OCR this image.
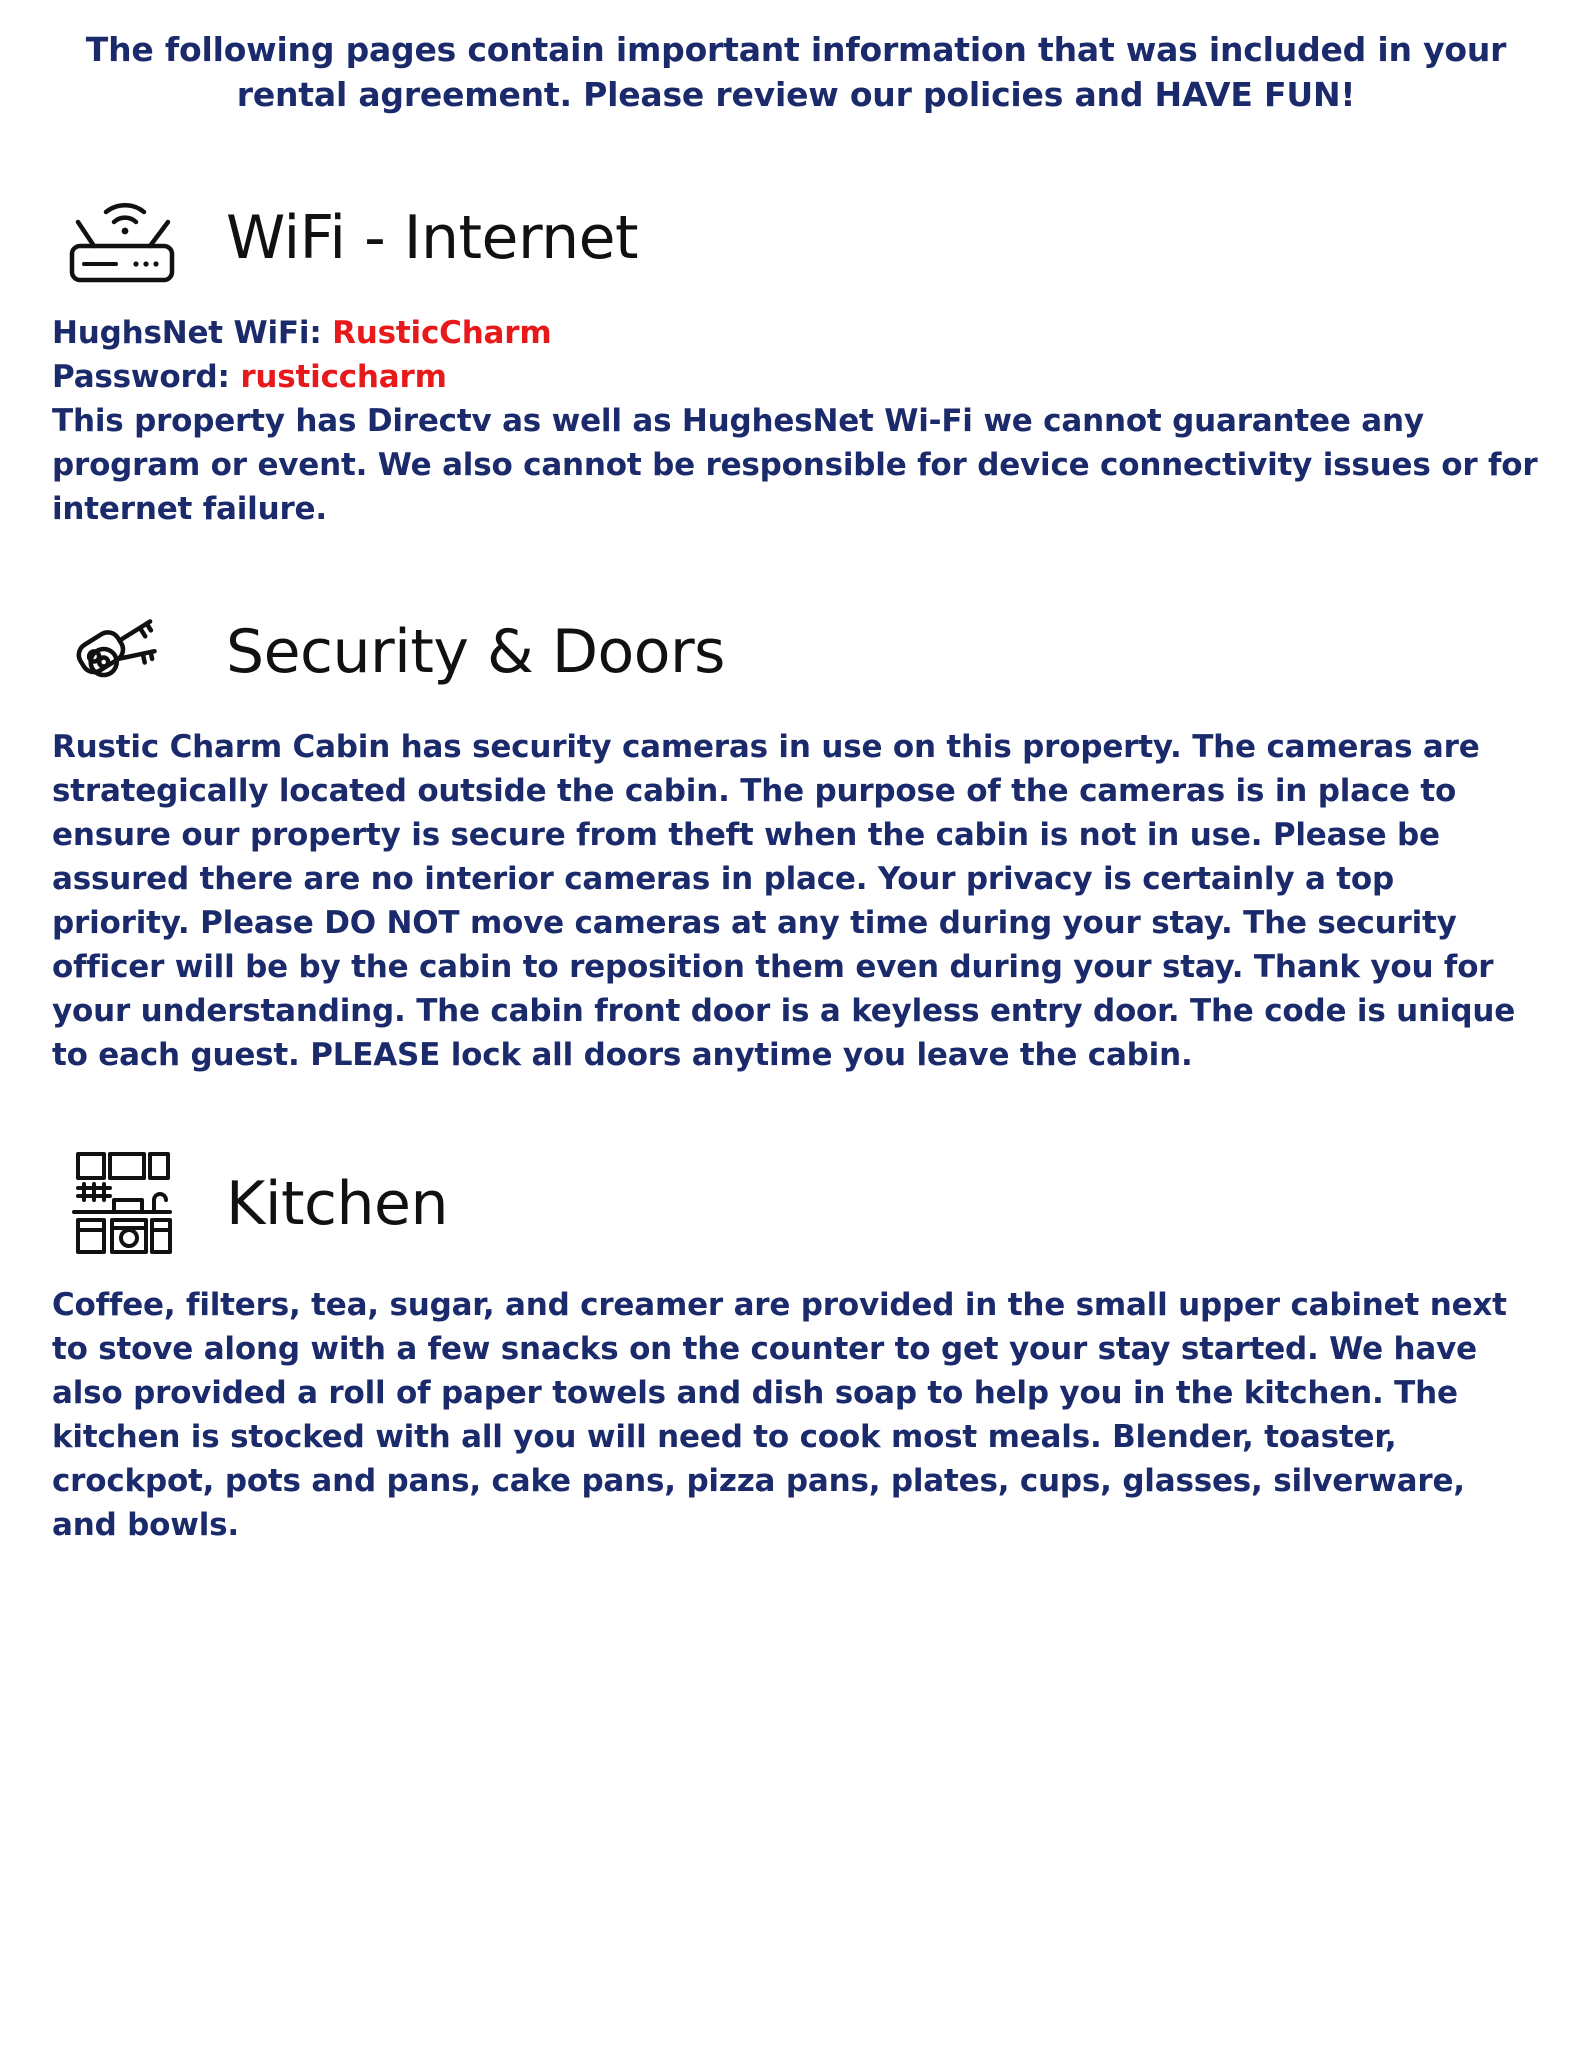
The following pages contain important information that was included in your rental agreement. Please review our policies and HAVE FUN!
WiFi - Internet

HughsNet WiFi: RusticCharm

Password: rusticcharm

This property has Directv as well as HughesNet Wi-Fi we cannot guarantee any program or event. We also cannot be responsible for device connectivity issues or for internet failure.

Security & Doors

Rustic Charm Cabin has security cameras in use on this property. The cameras are strategically located outside the cabin. The purpose of the cameras is in place to ensure our property is secure from theft when the cabin is not in use. Please be assured there are no interior cameras in place. Your privacy is certainly a top priority. Please DO NOT move cameras at any time during your stay. The security officer will be by the cabin to reposition them even during your stay. Thank you for your understanding. The cabin front door is a keyless entry door. The code is unique to each guest. PLEASE lock all doors anytime you leave the cabin.

Kitchen

Coffee, filters, tea, sugar, and creamer are provided in the small upper cabinet next to stove along with a few snacks on the counter to get your stay started. We have also provided a roll of paper towels and dish soap to help you in the kitchen. The kitchen is stocked with all you will need to cook most meals. Blender, toaster, crockpot, pots and pans, cake pans, pizza pans, plates, cups, glasses, silverware, and bowls.
